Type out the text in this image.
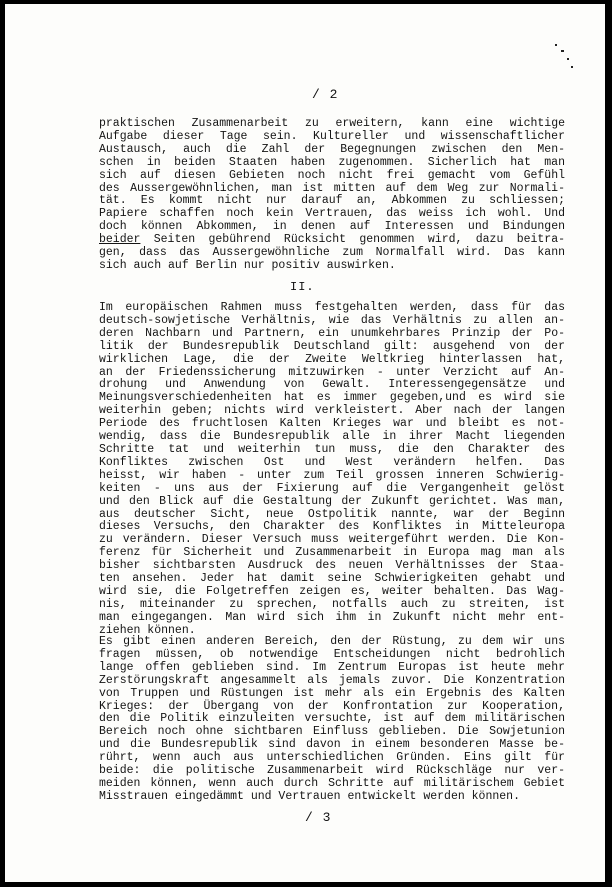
/ 2
praktischen Zusammenarbeit zu erweitern, kann eine wichtige
Aufgabe dieser Tage sein. Kultureller und wissenschaftlicher
Austausch, auch die Zahl der Begegnungen zwischen den Men-
schen in beiden Staaten haben zugenommen. Sicherlich hat man
sich auf diesen Gebieten noch nicht frei gemacht vom Gefühl
des Aussergewöhnlichen, man ist mitten auf dem Weg zur Normali-
tät. Es kommt nicht nur darauf an, Abkommen zu schliessen;
Papiere schaffen noch kein Vertrauen, das weiss ich wohl. Und
doch können Abkommen, in denen auf Interessen und Bindungen
beider Seiten gebührend Rücksicht genommen wird, dazu beitra-
gen, dass das Aussergewöhnliche zum Normalfall wird. Das kann
sich auch auf Berlin nur positiv auswirken.
II.
Im europäischen Rahmen muss festgehalten werden, dass für das
deutsch-sowjetische Verhältnis, wie das Verhältnis zu allen an-
deren Nachbarn und Partnern, ein unumkehrbares Prinzip der Po-
litik der Bundesrepublik Deutschland gilt: ausgehend von der
wirklichen Lage, die der Zweite Weltkrieg hinterlassen hat,
an der Friedenssicherung mitzuwirken - unter Verzicht auf An-
drohung und Anwendung von Gewalt. Interessengegensätze und
Meinungsverschiedenheiten hat es immer gegeben,und es wird sie
weiterhin geben; nichts wird verkleistert. Aber nach der langen
Periode des fruchtlosen Kalten Krieges war und bleibt es not-
wendig, dass die Bundesrepublik alle in ihrer Macht liegenden
Schritte tat und weiterhin tun muss, die den Charakter des
Konfliktes zwischen Ost und West verändern helfen. Das
heisst, wir haben - unter zum Teil grossen inneren Schwierig-
keiten - uns aus der Fixierung auf die Vergangenheit gelöst
und den Blick auf die Gestaltung der Zukunft gerichtet. Was man,
aus deutscher Sicht, neue Ostpolitik nannte, war der Beginn
dieses Versuchs, den Charakter des Konfliktes in Mitteleuropa
zu verändern. Dieser Versuch muss weitergeführt werden. Die Kon-
ferenz für Sicherheit und Zusammenarbeit in Europa mag man als
bisher sichtbarsten Ausdruck des neuen Verhältnisses der Staa-
ten ansehen. Jeder hat damit seine Schwierigkeiten gehabt und
wird sie, die Folgetreffen zeigen es, weiter behalten. Das Wag-
nis, miteinander zu sprechen, notfalls auch zu streiten, ist
man eingegangen. Man wird sich ihm in Zukunft nicht mehr ent-
ziehen können.
Es gibt einen anderen Bereich, den der Rüstung, zu dem wir uns
fragen müssen, ob notwendige Entscheidungen nicht bedrohlich
lange offen geblieben sind. Im Zentrum Europas ist heute mehr
Zerstörungskraft angesammelt als jemals zuvor. Die Konzentration
von Truppen und Rüstungen ist mehr als ein Ergebnis des Kalten
Krieges: der Übergang von der Konfrontation zur Kooperation,
den die Politik einzuleiten versuchte, ist auf dem militärischen
Bereich noch ohne sichtbaren Einfluss geblieben. Die Sowjetunion
und die Bundesrepublik sind davon in einem besonderen Masse be-
rührt, wenn auch aus unterschiedlichen Gründen. Eins gilt für
beide: die politische Zusammenarbeit wird Rückschläge nur ver-
meiden können, wenn auch durch Schritte auf militärischem Gebiet
Misstrauen eingedämmt und Vertrauen entwickelt werden können.
/ 3
